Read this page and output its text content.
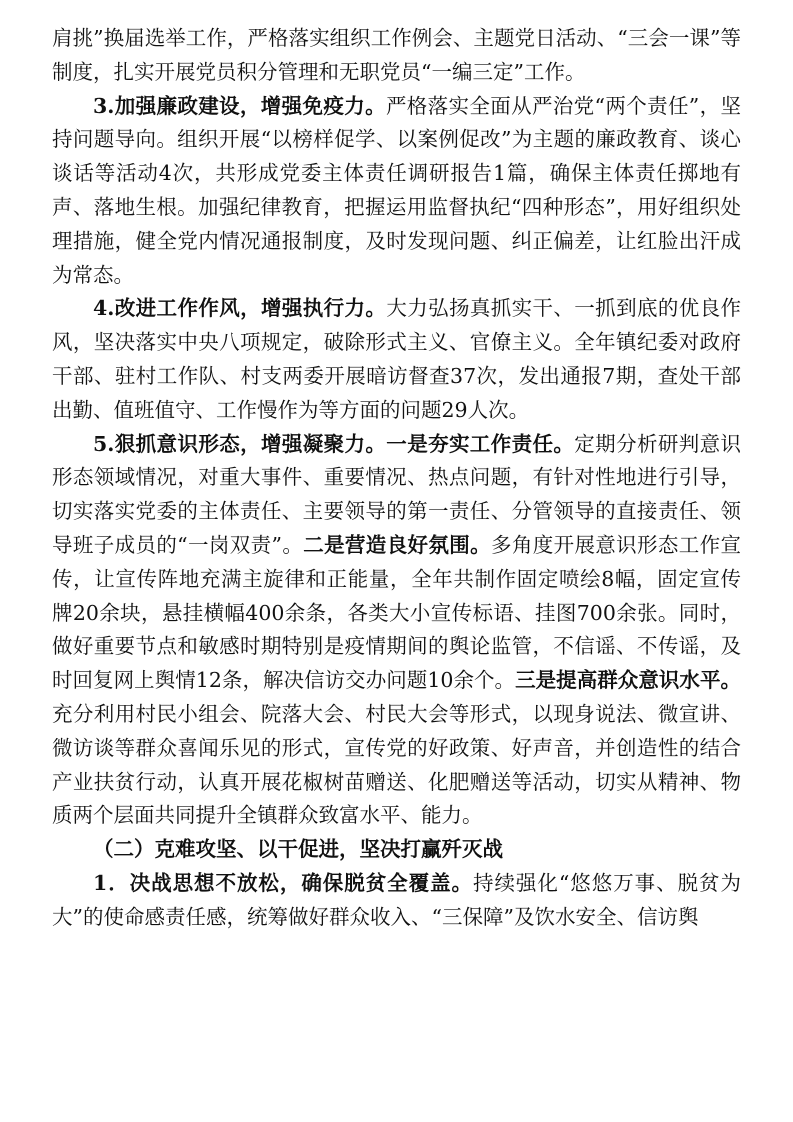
肩挑”换届选举工作，严格落实组织工作例会、主题党日活动、“三会一课”等制度，扎实开展党员积分管理和无职党员“一编三定”工作。

3.加强廉政建设，增强免疫力。严格落实全面从严治党“两个责任”，坚持问题导向。组织开展“以榜样促学、以案例促改”为主题的廉政教育、谈心谈话等活动4次，共形成党委主体责任调研报告1篇，确保主体责任掷地有声、落地生根。加强纪律教育，把握运用监督执纪“四种形态”，用好组织处理措施，健全党内情况通报制度，及时发现问题、纠正偏差，让红脸出汗成为常态。

4.改进工作作风，增强执行力。大力弘扬真抓实干、一抓到底的优良作风，坚决落实中央八项规定，破除形式主义、官僚主义。全年镇纪委对政府干部、驻村工作队、村支两委开展暗访督查37次，发出通报7期，查处干部出勤、值班值守、工作慢作为等方面的问题29人次。

5.狠抓意识形态，增强凝聚力。一是夯实工作责任。定期分析研判意识形态领域情况，对重大事件、重要情况、热点问题，有针对性地进行引导，切实落实党委的主体责任、主要领导的第一责任、分管领导的直接责任、领导班子成员的“一岗双责”。二是营造良好氛围。多角度开展意识形态工作宣传，让宣传阵地充满主旋律和正能量，全年共制作固定喷绘8幅，固定宣传牌20余块，悬挂横幅400余条，各类大小宣传标语、挂图700余张。同时，做好重要节点和敏感时期特别是疫情期间的舆论监管，不信谣、不传谣，及时回复网上舆情12条，解决信访交办问题10余个。三是提高群众意识水平。充分利用村民小组会、院落大会、村民大会等形式，以现身说法、微宣讲、微访谈等群众喜闻乐见的形式，宣传党的好政策、好声音，并创造性的结合产业扶贫行动，认真开展花椒树苗赠送、化肥赠送等活动，切实从精神、物质两个层面共同提升全镇群众致富水平、能力。

（二）克难攻坚、以干促进，坚决打赢歼灭战

1．决战思想不放松，确保脱贫全覆盖。持续强化“悠悠万事、脱贫为大”的使命感责任感，统筹做好群众收入、“三保障”及饮水安全、信访舆
